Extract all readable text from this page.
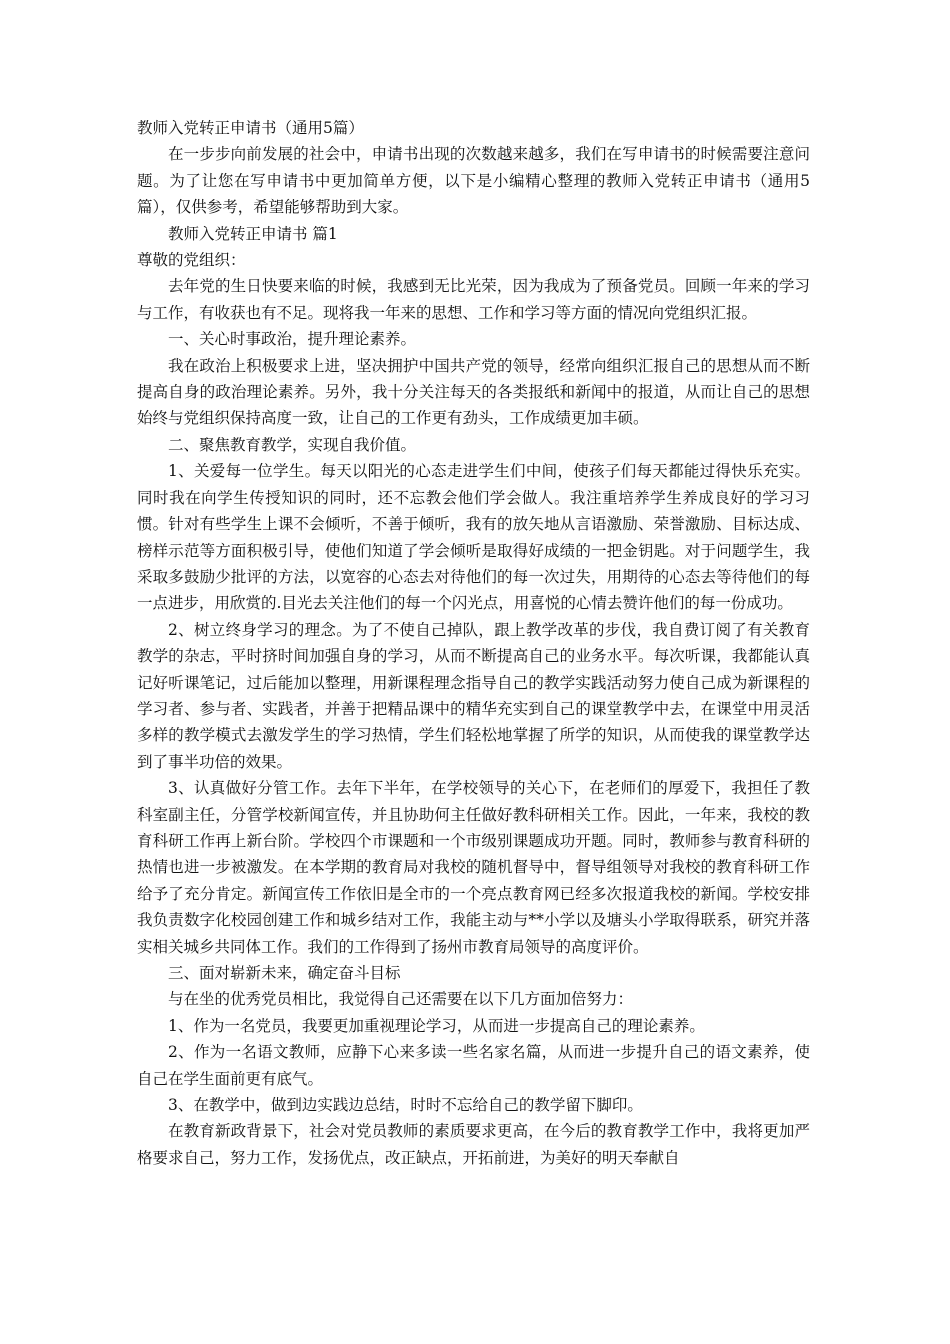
教师入党转正申请书（通用5篇）

在一步步向前发展的社会中，申请书出现的次数越来越多，我们在写申请书的时候需要注意问题。为了让您在写申请书中更加简单方便，以下是小编精心整理的教师入党转正申请书（通用5篇），仅供参考，希望能够帮助到大家。

教师入党转正申请书 篇1

尊敬的党组织：

去年党的生日快要来临的时候，我感到无比光荣，因为我成为了预备党员。回顾一年来的学习与工作，有收获也有不足。现将我一年来的思想、工作和学习等方面的情况向党组织汇报。

一、关心时事政治，提升理论素养。

我在政治上积极要求上进，坚决拥护中国共产党的领导，经常向组织汇报自己的思想从而不断提高自身的政治理论素养。另外，我十分关注每天的各类报纸和新闻中的报道，从而让自己的思想始终与党组织保持高度一致，让自己的工作更有劲头，工作成绩更加丰硕。

二、聚焦教育教学，实现自我价值。

1、关爱每一位学生。每天以阳光的心态走进学生们中间，使孩子们每天都能过得快乐充实。同时我在向学生传授知识的同时，还不忘教会他们学会做人。我注重培养学生养成良好的学习习惯。针对有些学生上课不会倾听，不善于倾听，我有的放矢地从言语激励、荣誉激励、目标达成、榜样示范等方面积极引导，使他们知道了学会倾听是取得好成绩的一把金钥匙。对于问题学生，我采取多鼓励少批评的方法，以宽容的心态去对待他们的每一次过失，用期待的心态去等待他们的每一点进步，用欣赏的.目光去关注他们的每一个闪光点，用喜悦的心情去赞许他们的每一份成功。

2、树立终身学习的理念。为了不使自己掉队，跟上教学改革的步伐，我自费订阅了有关教育教学的杂志，平时挤时间加强自身的学习，从而不断提高自己的业务水平。每次听课，我都能认真记好听课笔记，过后能加以整理，用新课程理念指导自己的教学实践活动努力使自己成为新课程的学习者、参与者、实践者，并善于把精品课中的精华充实到自己的课堂教学中去，在课堂中用灵活多样的教学模式去激发学生的学习热情，学生们轻松地掌握了所学的知识，从而使我的课堂教学达到了事半功倍的效果。

3、认真做好分管工作。去年下半年，在学校领导的关心下，在老师们的厚爱下，我担任了教科室副主任，分管学校新闻宣传，并且协助何主任做好教科研相关工作。因此，一年来，我校的教育科研工作再上新台阶。学校四个市课题和一个市级别课题成功开题。同时，教师参与教育科研的热情也进一步被激发。在本学期的教育局对我校的随机督导中，督导组领导对我校的教育科研工作给予了充分肯定。新闻宣传工作依旧是全市的一个亮点教育网已经多次报道我校的新闻。学校安排我负责数字化校园创建工作和城乡结对工作，我能主动与**小学以及塘头小学取得联系，研究并落实相关城乡共同体工作。我们的工作得到了扬州市教育局领导的高度评价。

三、面对崭新未来，确定奋斗目标

与在坐的优秀党员相比，我觉得自己还需要在以下几方面加倍努力：

1、作为一名党员，我要更加重视理论学习，从而进一步提高自己的理论素养。

2、作为一名语文教师，应静下心来多读一些名家名篇，从而进一步提升自己的语文素养，使自己在学生面前更有底气。

3、在教学中，做到边实践边总结，时时不忘给自己的教学留下脚印。

在教育新政背景下，社会对党员教师的素质要求更高，在今后的教育教学工作中，我将更加严格要求自己，努力工作，发扬优点，改正缺点，开拓前进，为美好的明天奉献自
